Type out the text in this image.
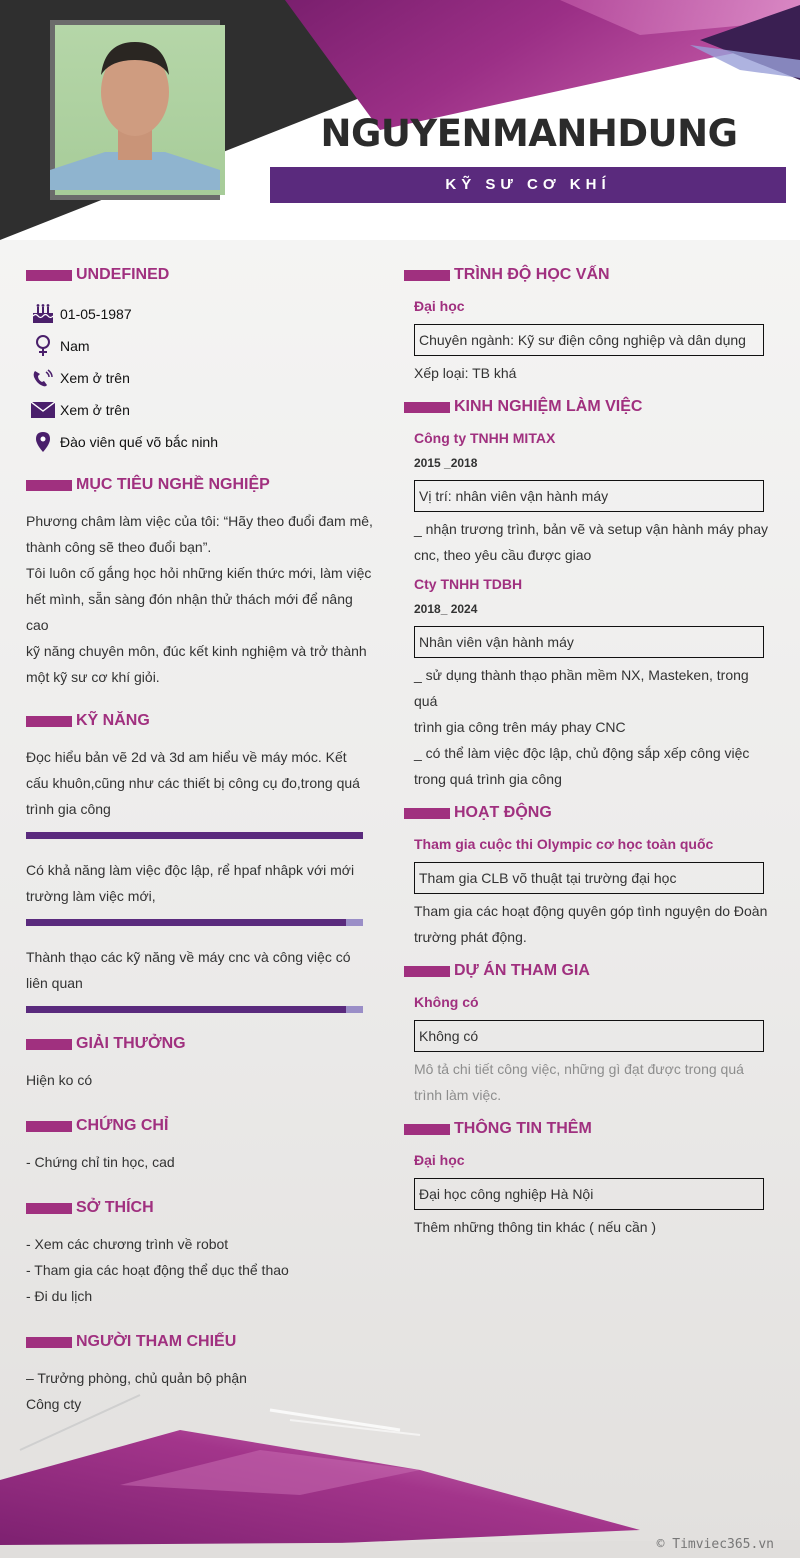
NGUYENMANHDUNG
KỸ SƯ CƠ KHÍ
UNDEFINED
01-05-1987
Nam
Xem ở trên
Xem ở trên
Đào viên quế võ bắc ninh
MỤC TIÊU NGHỀ NGHIỆP
Phương châm làm việc của tôi: “Hãy theo đuổi đam mê,
thành công sẽ theo đuổi bạn”.
Tôi luôn cố gắng học hỏi những kiến thức mới, làm việc
hết mình, sẵn sàng đón nhận thử thách mới để nâng cao
kỹ năng chuyên môn, đúc kết kinh nghiệm và trở thành
một kỹ sư cơ khí giỏi.
KỸ NĂNG
Đọc hiểu bản vẽ 2d và 3d am hiểu về máy móc. Kết
cấu khuôn,cũng như các thiết bị công cụ đo,trong quá
trình gia công
Có khả năng làm việc độc lập, rể hpaf nhâpk với mới
trường làm việc mới,
Thành thạo các kỹ năng về máy cnc và công việc có
liên quan
GIẢI THƯỞNG
Hiện ko có
CHỨNG CHỈ
- Chứng chỉ tin học, cad
SỞ THÍCH
- Xem các chương trình về robot
- Tham gia các hoạt động thể dục thể thao
- Đi du lịch
NGƯỜI THAM CHIẾU
– Trưởng phòng, chủ quản bộ phận
Công cty
TRÌNH ĐỘ HỌC VẤN
Đại học
Chuyên ngành: Kỹ sư điện công nghiệp và dân dụng
Xếp loại: TB khá
KINH NGHIỆM LÀM VIỆC
Công ty TNHH MITAX
2015 _2018
Vị trí: nhân viên vận hành máy
_ nhận trương trình, bản vẽ và setup vận hành máy phay
cnc, theo yêu cầu được giao
Cty TNHH TDBH
2018_ 2024
Nhân viên vận hành máy
_ sử dụng thành thạo phần mềm NX, Masteken, trong quá
trình gia công trên máy phay CNC
_ có thể làm việc độc lập, chủ động sắp xếp công việc
trong quá trình gia công
HOẠT ĐỘNG
Tham gia cuộc thi Olympic cơ học toàn quốc
Tham gia CLB võ thuật tại trường đại học
Tham gia các hoạt động quyên góp tình nguyện do Đoàn
trường phát động.
DỰ ÁN THAM GIA
Không có
Không có
Mô tả chi tiết công việc, những gì đạt được trong quá
trình làm việc.
THÔNG TIN THÊM
Đại học
Đại học công nghiệp Hà Nội
Thêm những thông tin khác ( nếu cần )
© Timviec365.vn
